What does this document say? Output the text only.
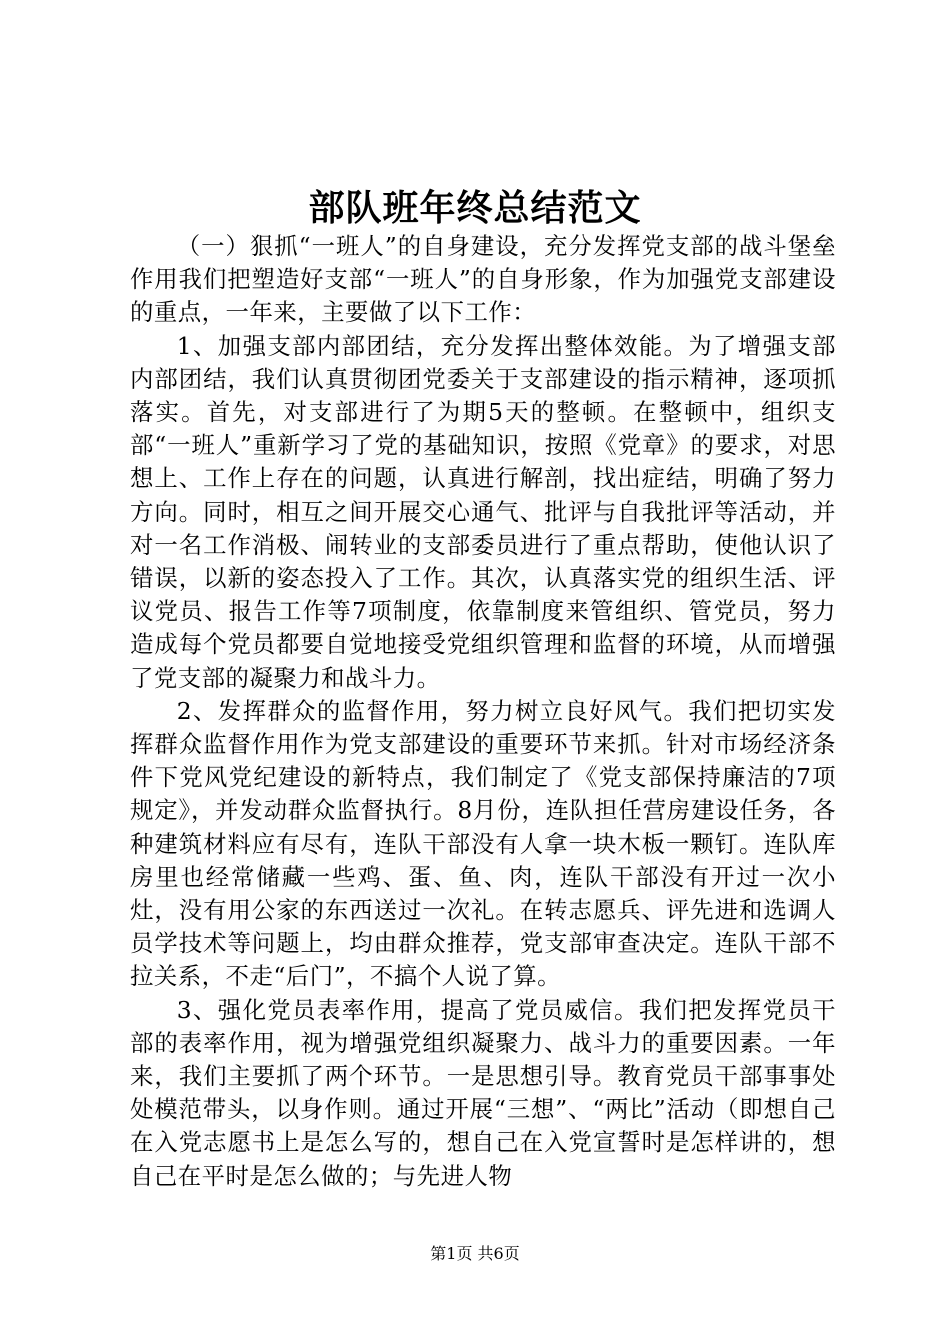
部队班年终总结范文

（一）狠抓“一班人”的自身建设，充分发挥党支部的战斗堡垒作用我们把塑造好支部“一班人”的自身形象，作为加强党支部建设的重点，一年来，主要做了以下工作：

1、加强支部内部团结，充分发挥出整体效能。为了增强支部内部团结，我们认真贯彻团党委关于支部建设的指示精神，逐项抓落实。首先，对支部进行了为期5天的整顿。在整顿中，组织支部“一班人”重新学习了党的基础知识，按照《党章》的要求，对思想上、工作上存在的问题，认真进行解剖，找出症结，明确了努力方向。同时，相互之间开展交心通气、批评与自我批评等活动，并对一名工作消极、闹转业的支部委员进行了重点帮助，使他认识了错误，以新的姿态投入了工作。其次，认真落实党的组织生活、评议党员、报告工作等7项制度，依靠制度来管组织、管党员，努力造成每个党员都要自觉地接受党组织管理和监督的环境，从而增强了党支部的凝聚力和战斗力。

2、发挥群众的监督作用，努力树立良好风气。我们把切实发挥群众监督作用作为党支部建设的重要环节来抓。针对市场经济条件下党风党纪建设的新特点，我们制定了《党支部保持廉洁的7项规定》，并发动群众监督执行。8月份，连队担任营房建设任务，各种建筑材料应有尽有，连队干部没有人拿一块木板一颗钉。连队库房里也经常储藏一些鸡、蛋、鱼、肉，连队干部没有开过一次小灶，没有用公家的东西送过一次礼。在转志愿兵、评先进和选调人员学技术等问题上，均由群众推荐，党支部审查决定。连队干部不拉关系，不走“后门”，不搞个人说了算。

3、强化党员表率作用，提高了党员威信。我们把发挥党员干部的表率作用，视为增强党组织凝聚力、战斗力的重要因素。一年来，我们主要抓了两个环节。一是思想引导。教育党员干部事事处处模范带头，以身作则。通过开展“三想”、“两比”活动（即想自己在入党志愿书上是怎么写的，想自己在入党宣誓时是怎样讲的，想自己在平时是怎么做的；与先进人物

第1页 共6页
